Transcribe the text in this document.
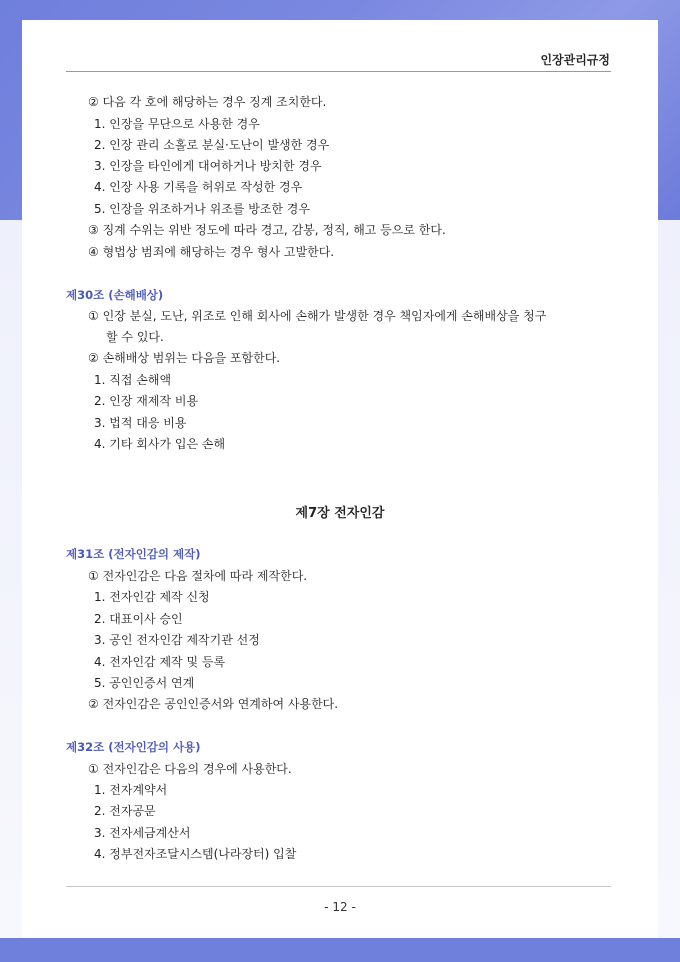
인장관리규정
② 다음 각 호에 해당하는 경우 징계 조치한다.
1. 인장을 무단으로 사용한 경우
2. 인장 관리 소홀로 분실·도난이 발생한 경우
3. 인장을 타인에게 대여하거나 방치한 경우
4. 인장 사용 기록을 허위로 작성한 경우
5. 인장을 위조하거나 위조를 방조한 경우
③ 징계 수위는 위반 정도에 따라 경고, 감봉, 정직, 해고 등으로 한다.
④ 형법상 범죄에 해당하는 경우 형사 고발한다.
제30조 (손해배상)
① 인장 분실, 도난, 위조로 인해 회사에 손해가 발생한 경우 책임자에게 손해배상을 청구
할 수 있다.
② 손해배상 범위는 다음을 포함한다.
1. 직접 손해액
2. 인장 재제작 비용
3. 법적 대응 비용
4. 기타 회사가 입은 손해
제7장 전자인감
제31조 (전자인감의 제작)
① 전자인감은 다음 절차에 따라 제작한다.
1. 전자인감 제작 신청
2. 대표이사 승인
3. 공인 전자인감 제작기관 선정
4. 전자인감 제작 및 등록
5. 공인인증서 연계
② 전자인감은 공인인증서와 연계하여 사용한다.
제32조 (전자인감의 사용)
① 전자인감은 다음의 경우에 사용한다.
1. 전자계약서
2. 전자공문
3. 전자세금계산서
4. 정부전자조달시스템(나라장터) 입찰
- 12 -
